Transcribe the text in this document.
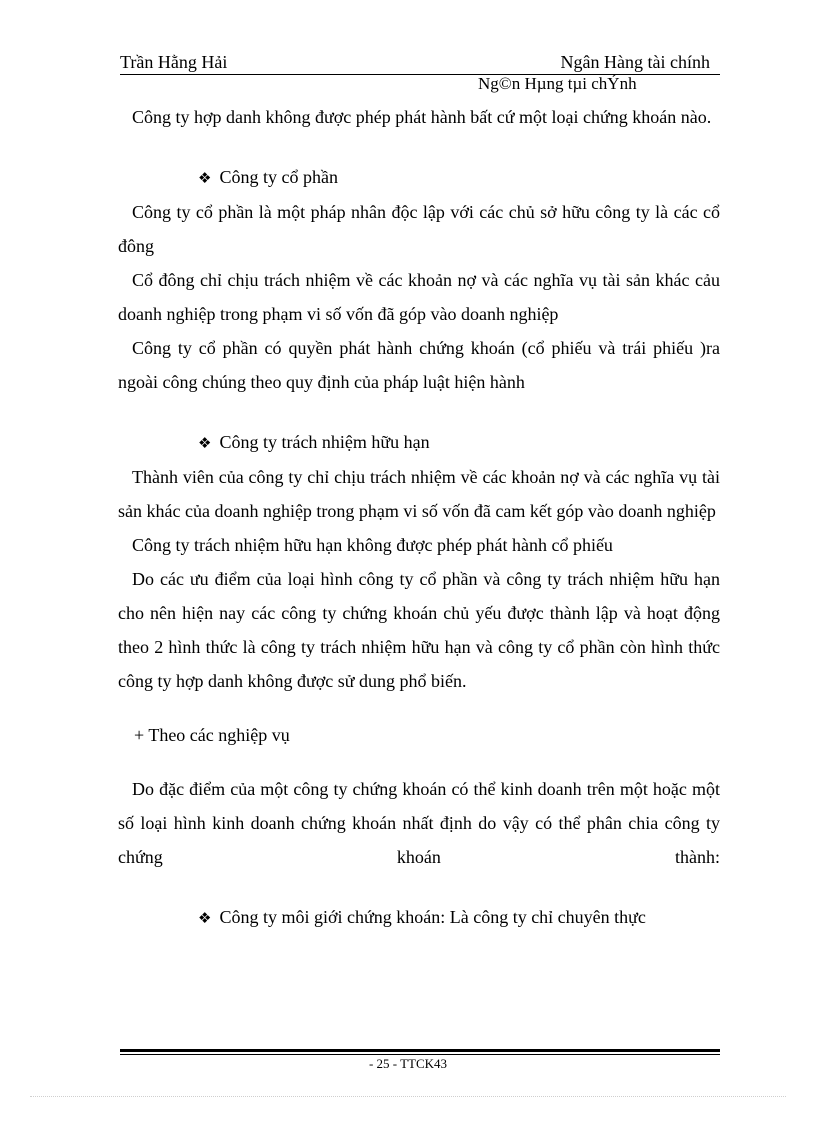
Trần Hằng Hải	Ngân Hàng tài chính
Ng©n Hµng tµi chÝnh

Công ty hợp danh không được phép phát hành bất cứ một loại chứng khoán nào.

❖ Công ty cổ phần

Công ty cổ phần là một pháp nhân độc lập với các chủ sở hữu công ty là các cổ đông

Cổ đông chỉ chịu trách nhiệm về các khoản nợ và các nghĩa vụ tài sản khác cảu doanh nghiệp trong phạm vi số vốn đã góp vào doanh nghiệp

Công ty cổ phần có quyền phát hành chứng khoán (cổ phiếu và trái phiếu )ra ngoài công chúng theo quy định của pháp luật hiện hành

❖ Công ty trách nhiệm hữu hạn

Thành viên của công ty chỉ chịu trách nhiệm về các khoản nợ và các nghĩa vụ tài sản khác của doanh nghiệp trong phạm vi số vốn đã cam kết góp vào doanh nghiệp

Công ty trách nhiệm hữu hạn không được phép phát hành cổ phiếu

Do các ưu điểm của loại hình công ty cổ phần và công ty trách nhiệm hữu hạn cho nên hiện nay các công ty chứng khoán chủ yếu được thành lập và hoạt động theo 2 hình thức là công ty trách nhiệm hữu hạn và công ty cổ phần còn hình thức công ty hợp danh không được sử dung phổ biến.

+ Theo các nghiệp vụ

Do đặc điểm của một công ty chứng khoán có thể kinh doanh trên một hoặc một số loại hình kinh doanh chứng khoán nhất định do vậy có thể phân chia công ty chứng khoán thành:

❖ Công ty môi giới chứng khoán: Là công ty chỉ chuyên thực

- 25 - TTCK43
